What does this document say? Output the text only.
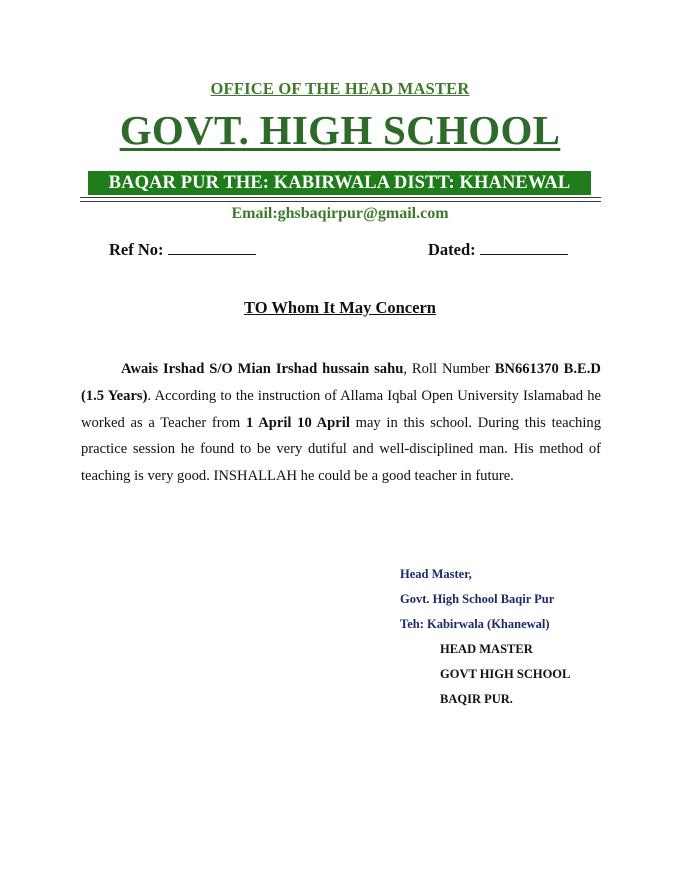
OFFICE OF THE HEAD MASTER
GOVT. HIGH SCHOOL
BAQAR PUR THE: KABIRWALA DISTT: KHANEWAL
Email:ghsbaqirpur@gmail.com
Ref No:	Dated:
TO Whom It May Concern

Awais Irshad S/O Mian Irshad hussain sahu, Roll Number BN661370 B.E.D (1.5 Years). According to the instruction of Allama Iqbal Open University Islamabad he worked as a Teacher from 1 April 10 April may in this school. During this teaching practice session he found to be very dutiful and well-disciplined man. His method of teaching is very good. INSHALLAH he could be a good teacher in future.

Head Master,
Govt. High School Baqir Pur
Teh: Kabirwala (Khanewal)
HEAD MASTER
GOVT HIGH SCHOOL
BAQIR PUR.
